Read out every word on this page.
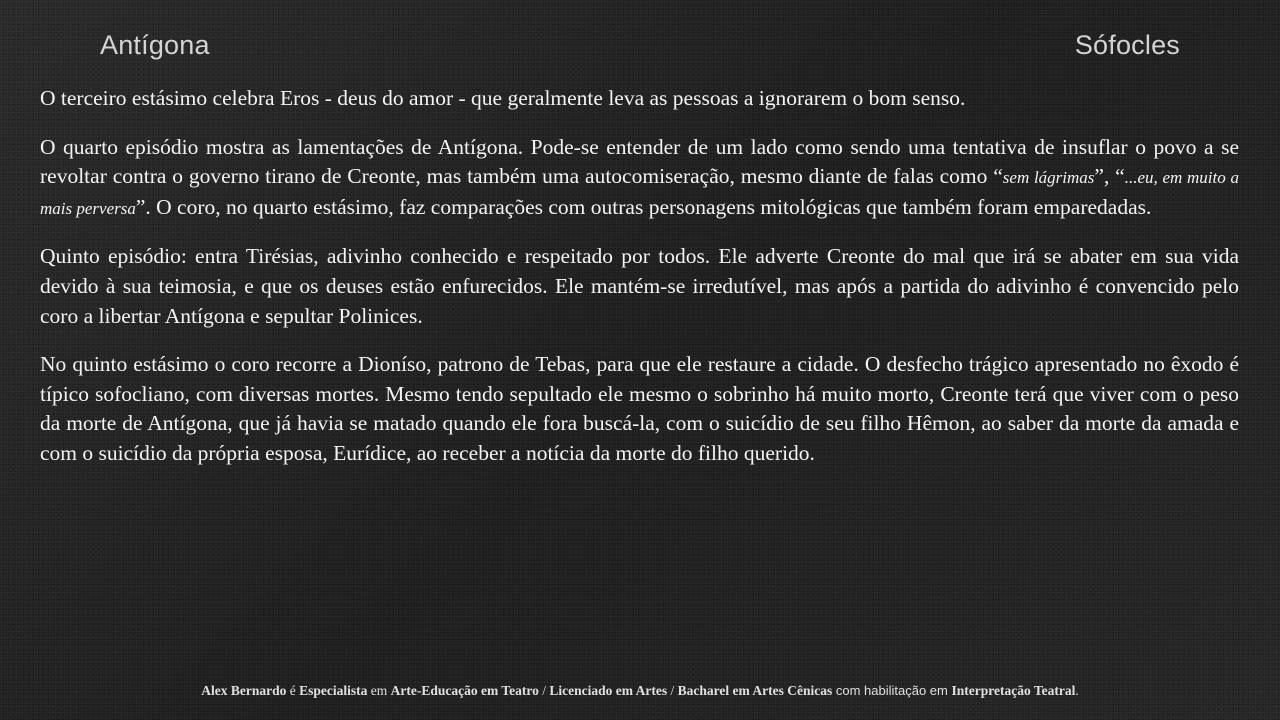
Antígona	Sófocles

O terceiro estásimo celebra Eros - deus do amor - que geralmente leva as pessoas a ignorarem o bom senso.

O quarto episódio mostra as lamentações de Antígona. Pode-se entender de um lado como sendo uma tentativa de insuflar o povo a se revoltar contra o governo tirano de Creonte, mas também uma autocomiseração, mesmo diante de falas como “sem lágrimas”, “...eu, em muito a mais perversa”. O coro, no quarto estásimo, faz comparações com outras personagens mitológicas que também foram emparedadas.

Quinto episódio: entra Tirésias, adivinho conhecido e respeitado por todos. Ele adverte Creonte do mal que irá se abater em sua vida devido à sua teimosia, e que os deuses estão enfurecidos. Ele mantém-se irredutível, mas após a partida do adivinho é convencido pelo coro a libertar Antígona e sepultar Polinices.

No quinto estásimo o coro recorre a Dioníso, patrono de Tebas, para que ele restaure a cidade. O desfecho trágico apresentado no êxodo é típico sofocliano, com diversas mortes. Mesmo tendo sepultado ele mesmo o sobrinho há muito morto, Creonte terá que viver com o peso da morte de Antígona, que já havia se matado quando ele fora buscá-la, com o suicídio de seu filho Hêmon, ao saber da morte da amada e com o suicídio da própria esposa, Eurídice, ao receber a notícia da morte do filho querido.

Alex Bernardo é Especialista em Arte-Educação em Teatro / Licenciado em Artes / Bacharel em Artes Cênicas com habilitação em Interpretação Teatral.
